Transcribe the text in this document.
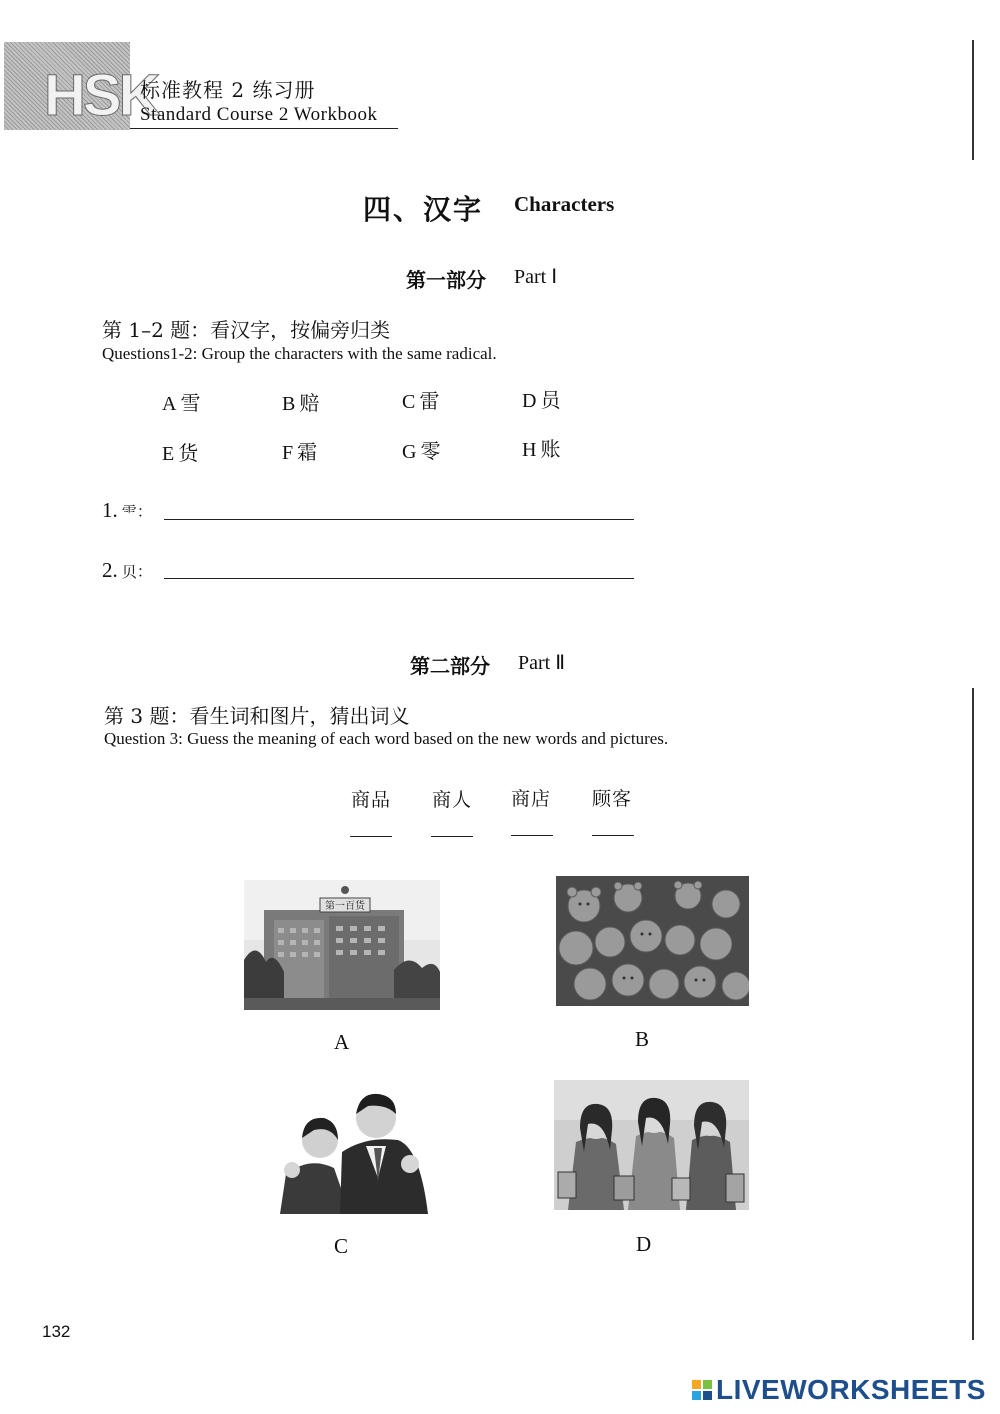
HSK
标准教程 2 练习册
Standard Course 2 Workbook
四、汉字 Characters
第一部分 Part Ⅰ
第 1–2 题：看汉字，按偏旁归类
Questions1-2: Group the characters with the same radical.
A 雪	B 赔	C 雷	D 员
E 货	F 霜	G 零	H 账
1. ⻗：
2. 贝：
第二部分 Part Ⅱ
第 3 题：看生词和图片，猜出词义
Question 3: Guess the meaning of each word based on the new words and pictures.
商品 商人 商店 顾客
第一百货
A	B
C	D
132
LIVEWORKSHEETS
